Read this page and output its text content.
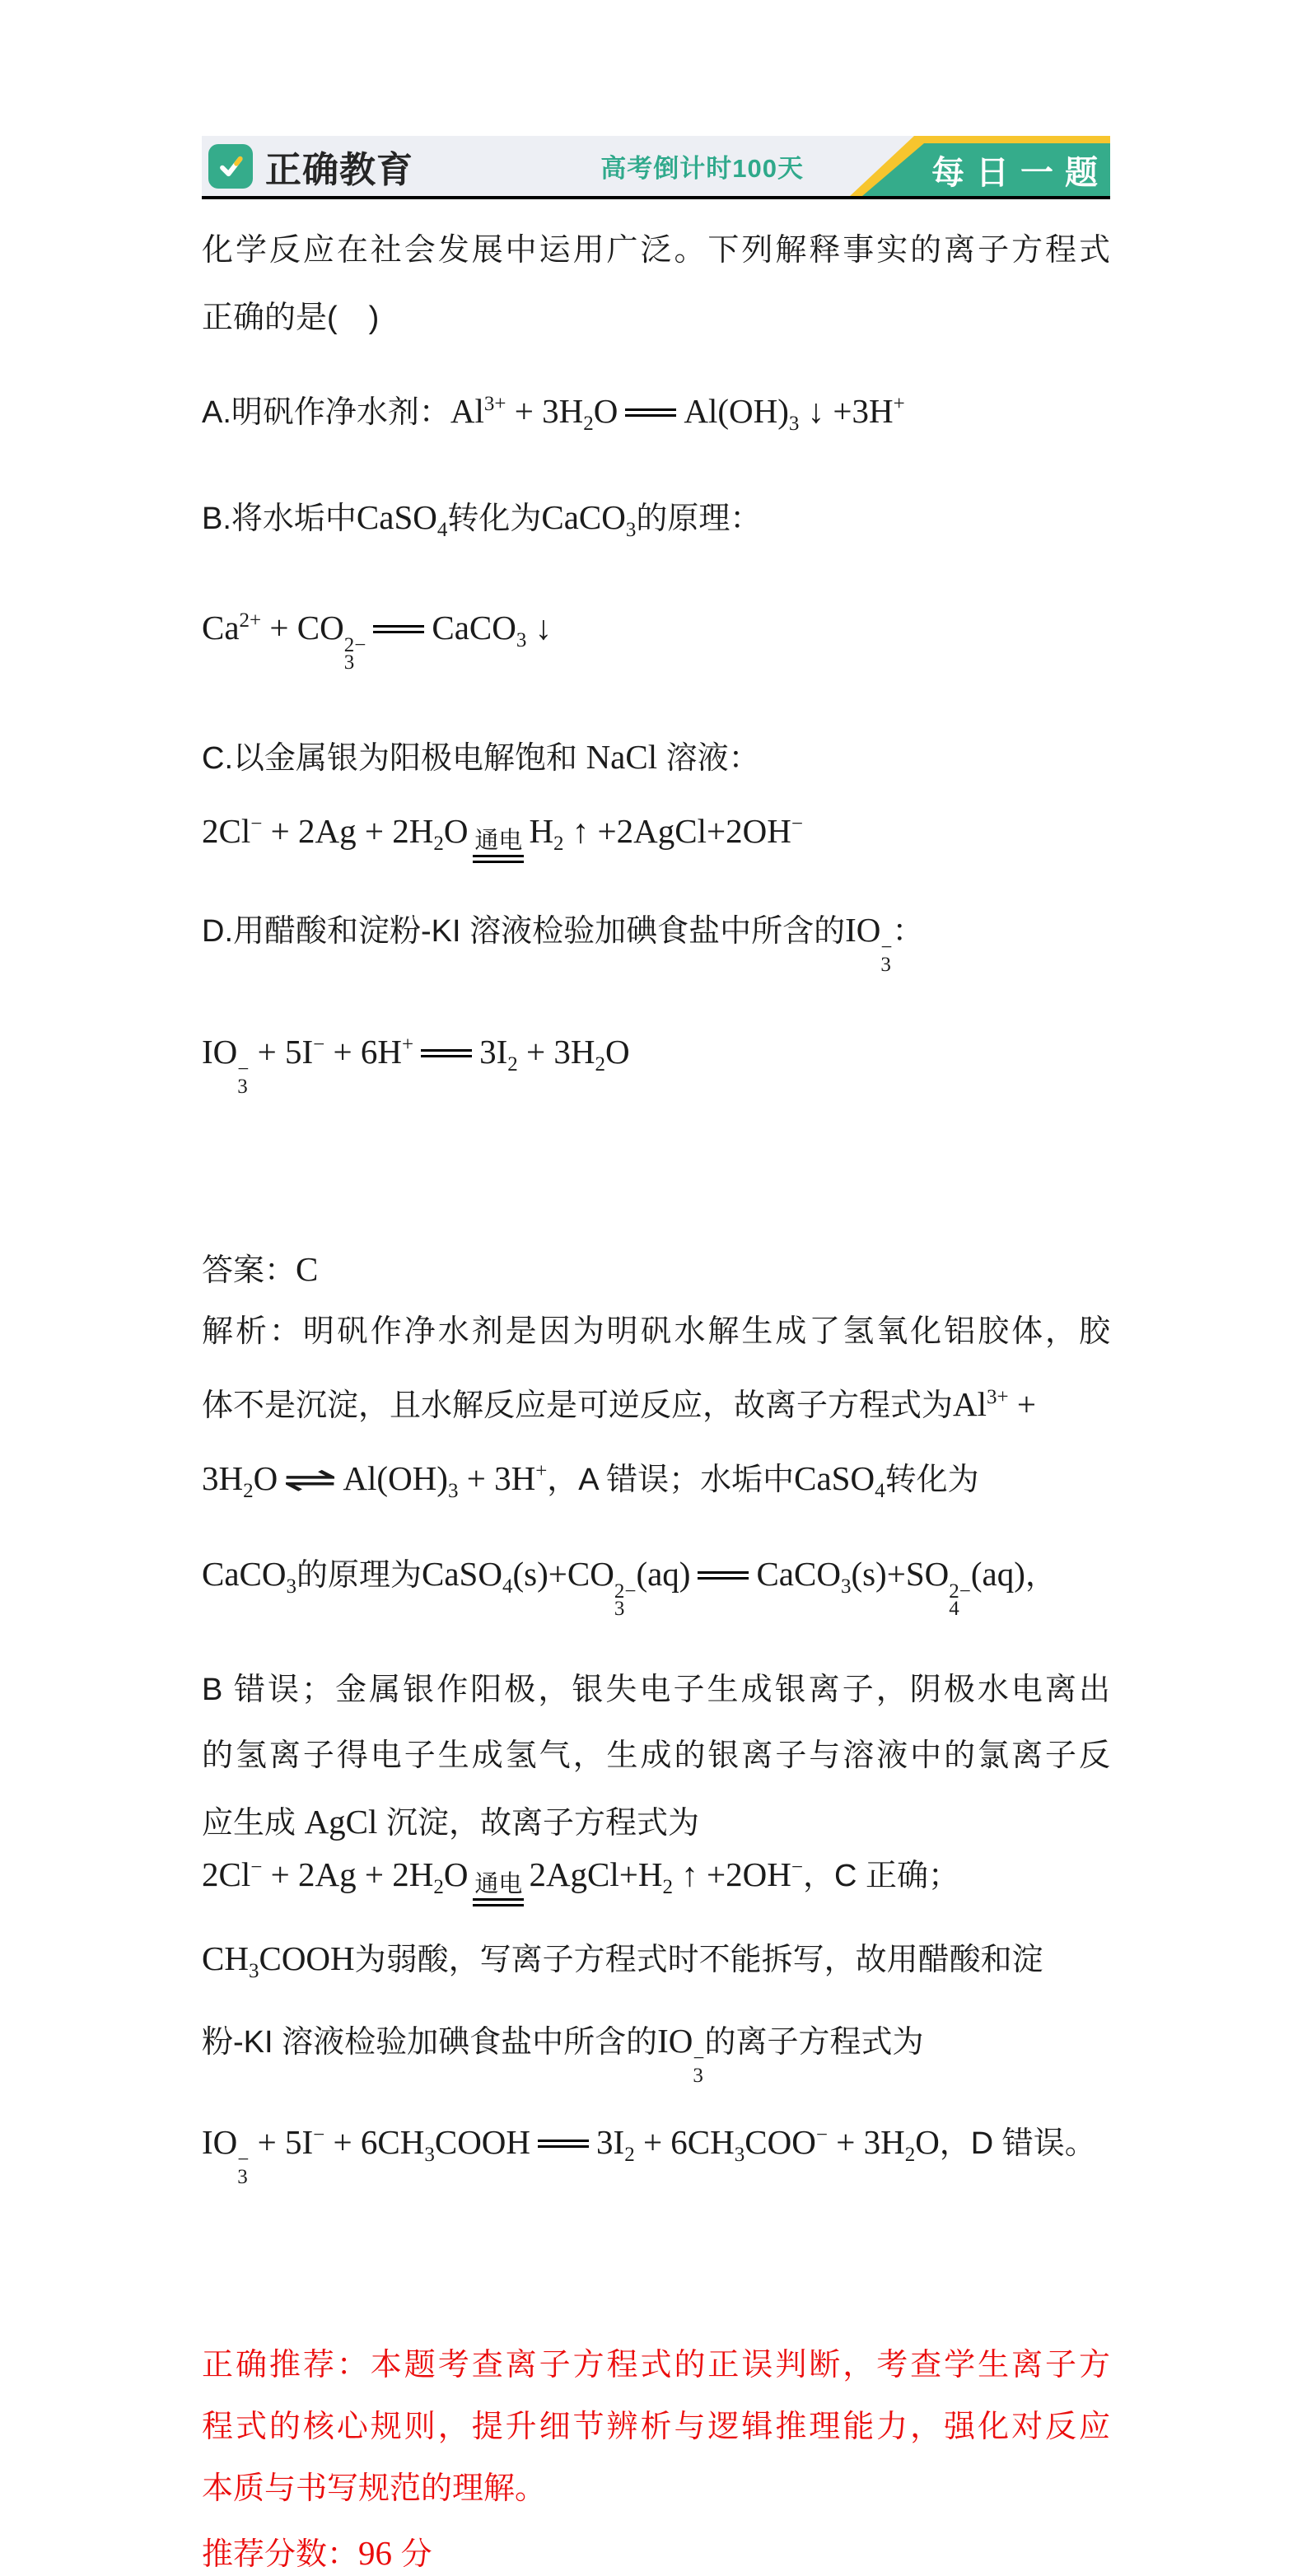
正确教育	高考倒计时100天	每日一题
化学反应在社会发展中运用广泛。下列解释事实的离子方程式
正确的是(　)
A.明矾作净水剂：$Al^{3+} + 3H_2O$ $Al(OH)_3$ ↓ +3H+
B.将水垢中CaSO$_4$转化为CaCO$_3$的原理：
$Ca^{2+}$ + CO 2−
3
CaCO$_3$ ↓
C.以金属银为阳极电解饱和 NaCl 溶液：
$2Cl^- + 2Ag + 2H_2O$ 通电 $H_2$ ↑ +2AgCl+2OH−
D.用醋酸和淀粉-KI 溶液检验加碘食盐中所含的IO −
3
：
IO −
3
+ 5I− + 6H+ $3I_2 + 3H_2O$
答案：C
解析：明矾作净水剂是因为明矾水解生成了氢氧化铝胶体，胶
体不是沉淀，且水解反应是可逆反应，故离子方程式为$Al^{3+}$ +
$3H_2O$ ⇌ $Al(OH)_3 + 3H^+$，A 错误；水垢中CaSO$_4$转化为
CaCO$_3$的原理为CaSO$_4$(s)+CO 2−
3
(aq) CaCO$_3$(s)+SO 2−
4
(aq)，
B 错误；金属银作阳极，银失电子生成银离子，阴极水电离出
的氢离子得电子生成氢气，生成的银离子与溶液中的氯离子反
应生成 AgCl 沉淀，故离子方程式为
$2Cl^- + 2Ag + 2H_2O$ 通电 $2AgCl+H_2$ ↑ +2OH−，C 正确；
$CH_3COOH$为弱酸，写离子方程式时不能拆写，故用醋酸和淀
粉-KI 溶液检验加碘食盐中所含的IO −
3
的离子方程式为
IO −
3
+ $5I^- + 6CH_3COOH$ $3I_2 + 6CH_3COO^- + 3H_2O$，D 错误。
正确推荐：本题考查离子方程式的正误判断，考查学生离子方
程式的核心规则，提升细节辨析与逻辑推理能力，强化对反应
本质与书写规范的理解。
推荐分数：96 分
